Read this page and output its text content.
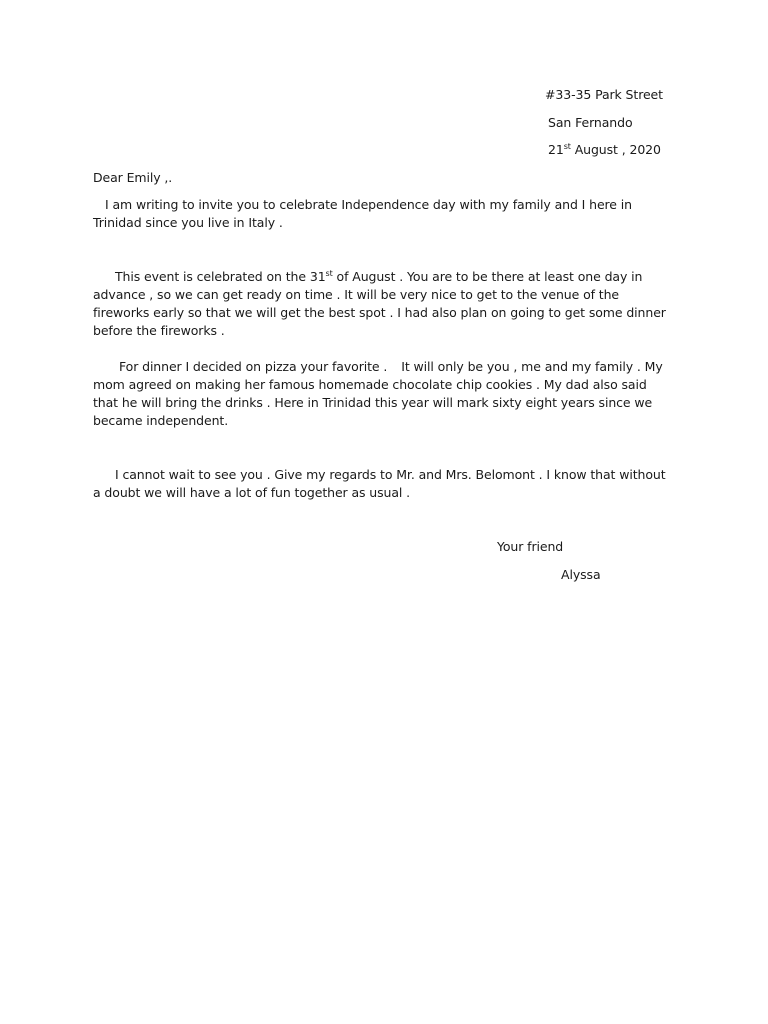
#33-35 Park Street
San Fernando
21st August , 2020
Dear Emily ,.
I am writing to invite you to celebrate Independence day with my family and I here in Trinidad since you live in Italy .
This event is celebrated on the 31st of August . You are to be there at least one day in advance , so we can get ready on time . It will be very nice to get to the venue of the fireworks early so that we will get the best spot . I had also plan on going to get some dinner before the fireworks .
For dinner I decided on pizza your favorite . It will only be you , me and my family . My mom agreed on making her famous homemade chocolate chip cookies . My dad also said that he will bring the drinks . Here in Trinidad this year will mark sixty eight years since we became independent.
I cannot wait to see you . Give my regards to Mr. and Mrs. Belomont . I know that without a doubt we will have a lot of fun together as usual .
Your friend
Alyssa
